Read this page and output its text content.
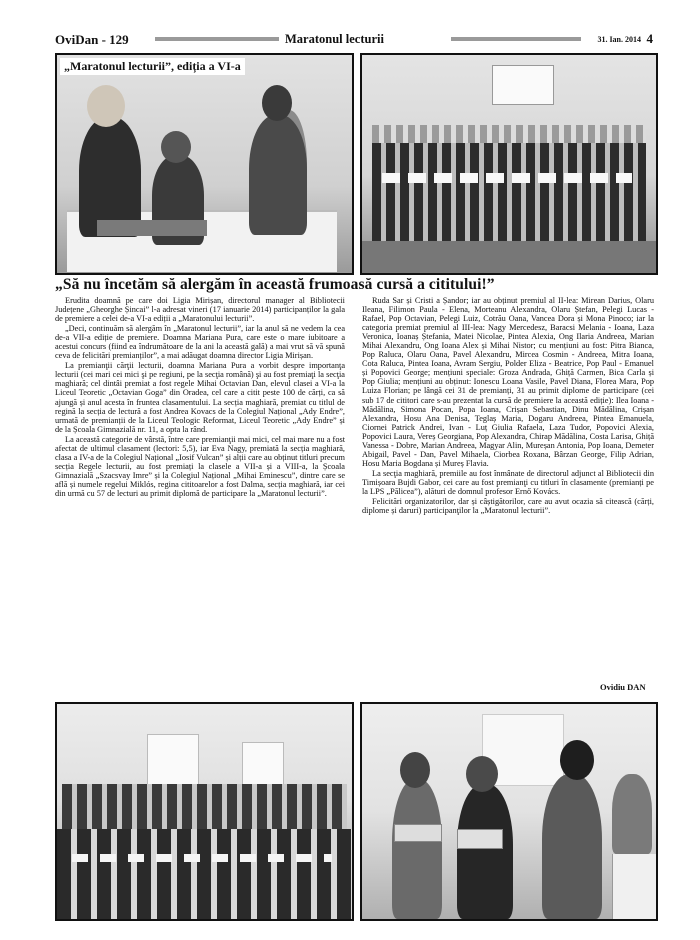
OviDan - 129	Maratonul lecturii	31. Ian. 2014 4
„Maratonul lecturii”, ediția a VI-a
„Să nu încetăm să alergăm în această frumoasă cursă a cititului!”

Erudita doamnă pe care doi Ligia Mirișan, directorul manager al Bibliotecii Județene „Gheorghe Șincai” l-a adresat vineri (17 ianuarie 2014) participanților la gala de premiere a celei de-a VI-a ediții a „Maratonului lecturii”.

„Deci, continuăm să alergăm în „Maratonul lecturii”, iar la anul să ne vedem la cea de-a VII-a ediție de premiere. Doamna Mariana Pura, care este o mare iubitoare a acestui concurs (fiind ea îndrumătoare de la ani la această gală) a mai vrut să vă spună ceva de felicitări premianților”, a mai adăugat doamna director Ligia Mirișan.

La premianţii cărţii lecturii, doamna Mariana Pura a vorbit despre importanţa lecturii (cei mari cei mici şi pe regiuni, pe la secţia română) şi au fost premiaţi la secţia maghiară; cel dintâi premiat a fost regele Mihai Octavian Dan, elevul clasei a VI-a la Liceul Teoretic „Octavian Goga” din Oradea, cel care a citit peste 100 de cărți, ca să ajungă și anul acesta în fruntea clasamentului. La secția maghiară, premiat cu titlul de regină la secția de lectură a fost Andrea Kovacs de la Colegiul Național „Ady Endre”, urmată de premianții de la Liceul Teologic Reformat, Liceul Teoretic „Ady Endre” și de la Școala Gimnazială nr. 11, a opta la rând.

La această categorie de vârstă, între care premianţii mai mici, cel mai mare nu a fost afectat de ultimul clasament (lectori: 5,5), iar Eva Nagy, premiată la secția maghiară, clasa a IV-a de la Colegiul Național „Iosif Vulcan” și alții care au obținut titluri precum secția Regele lecturii, au fost premiați la clasele a VII-a și a VIII-a, la Școala Gimnazială „Szacsvay Imre” și la Colegiul Național „Mihai Eminescu”, dintre care se află și numele regelui Miklós, regina cititoarelor a fost Dalma, secția maghiară, iar cei din urmă cu 57 de lecturi au primit diplomă de participare la „Maratonul lecturii”.

Ruda Sar și Cristi a Șandor; iar au obținut premiul al II-lea: Mirean Darius, Olaru Ileana, Filimon Paula - Elena, Morteanu Alexandra, Olaru Ștefan, Pelegi Lucas - Rafael, Pop Octavian, Pelegi Luiz, Cotrău Oana, Vancea Dora și Mona Pinoco; iar la categoria premiat premiul al III-lea: Nagy Mercedesz, Baracsi Melania - Ioana, Laza Veronica, Ioanaș Ștefania, Matei Nicolae, Pintea Alexia, Ong Ilaria Andreea, Marian Mihai Alexandru, Ong Ioana Alex și Mihai Nistor; cu mențiuni au fost: Pitra Bianca, Pop Raluca, Olaru Oana, Pavel Alexandru, Mircea Cosmin - Andreea, Mitra Ioana, Cota Raluca, Pintea Ioana, Avram Sergiu, Polder Eliza - Beatrice, Pop Paul - Emanuel și Popovici George; mențiuni speciale: Groza Andrada, Ghiță Carmen, Bica Carla și Pop Giulia; mențiuni au obținut: Ionescu Loana Vasile, Pavel Diana, Florea Mara, Pop Luiza Florian; pe lângă cei 31 de premianți, 31 au primit diplome de participare (cei sub 17 de cititori care s-au prezentat la cursă de premiere la această ediție): Ilea Ioana - Mădălina, Simona Pocan, Popa Ioana, Crișan Sebastian, Dinu Mădălina, Crișan Alexandra, Hosu Ana Denisa, Teglaș Maria, Dogaru Andreea, Pintea Emanuela, Ciornei Patrick Andrei, Ivan - Luț Giulia Rafaela, Laza Tudor, Popovici Alexia, Popovici Laura, Vereș Georgiana, Pop Alexandra, Chirap Mădălina, Costa Larisa, Ghiță Vanessa - Dobre, Marian Andreea, Magyar Alin, Mureșan Antonia, Pop Ioana, Demeter Abigail, Pavel - Dan, Pavel Mihaela, Ciorbea Roxana, Bârzan George, Filip Adrian, Hosu Maria Bogdana și Mureș Flavia.

La secţia maghiară, premiile au fost înmânate de directorul adjunct al Bibliotecii din Timișoara Bujdi Gabor, cei care au fost premianţi cu titluri în clasamente (premianți pe la LPS „Pălicea”), alături de domnul profesor Ernő Kovács.

Felicitări organizatorilor, dar și câștigătorilor, care au avut ocazia să citească (cărți, diplome și daruri) participanţilor la „Maratonul lecturii”.

Ovidiu DAN
